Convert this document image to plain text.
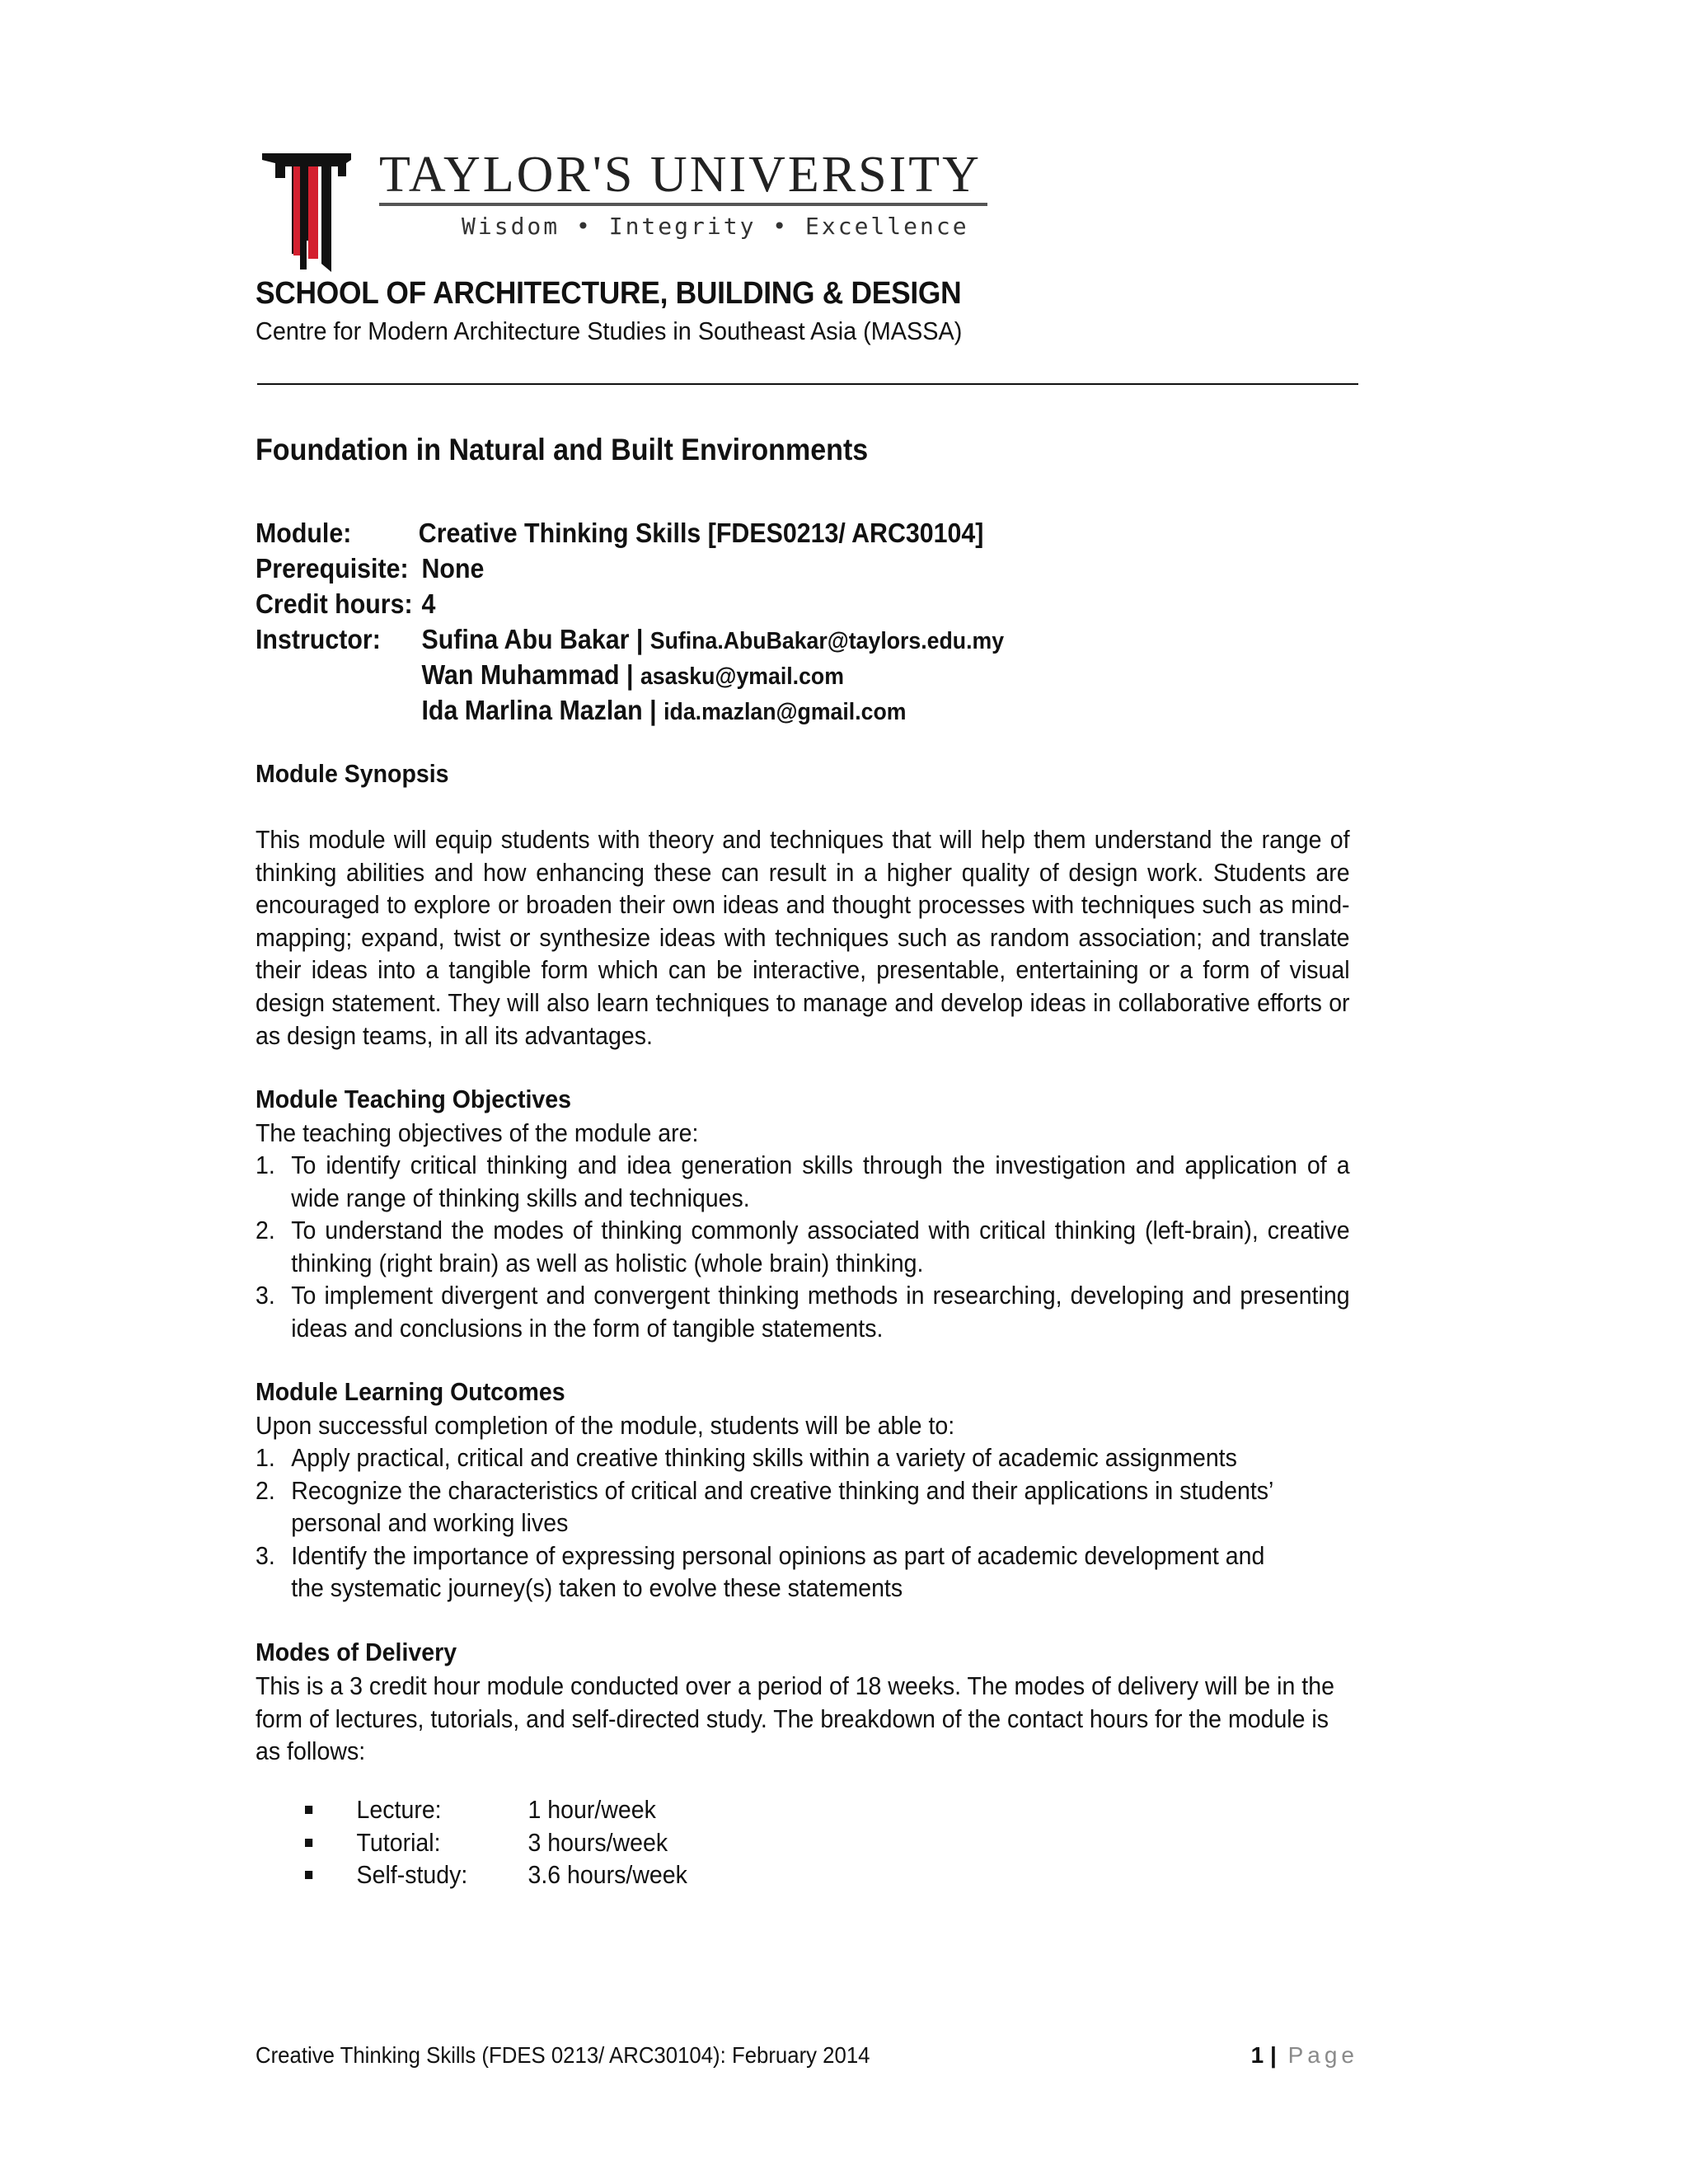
TAYLOR'S UNIVERSITY
Wisdom • Integrity • Excellence
SCHOOL OF ARCHITECTURE, BUILDING & DESIGN
Centre for Modern Architecture Studies in Southeast Asia (MASSA)
Foundation in Natural and Built Environments
Module: Creative Thinking Skills [FDES0213/ ARC30104]
Prerequisite: None
Credit hours: 4
Instructor: Sufina Abu Bakar | Sufina.AbuBakar@taylors.edu.my
Wan Muhammad | asasku@ymail.com
Ida Marlina Mazlan | ida.mazlan@gmail.com
Module Synopsis
This module will equip students with theory and techniques that will help them understand the range of thinking abilities and how enhancing these can result in a higher quality of design work. Students are encouraged to explore or broaden their own ideas and thought processes with techniques such as mind-mapping; expand, twist or synthesize ideas with techniques such as random association; and translate their ideas into a tangible form which can be interactive, presentable, entertaining or a form of visual design statement. They will also learn techniques to manage and develop ideas in collaborative efforts or as design teams, in all its advantages.
Module Teaching Objectives
The teaching objectives of the module are:
1. To identify critical thinking and idea generation skills through the investigation and application of a wide range of thinking skills and techniques.
2. To understand the modes of thinking commonly associated with critical thinking (left-brain), creative thinking (right brain) as well as holistic (whole brain) thinking.
3. To implement divergent and convergent thinking methods in researching, developing and presenting ideas and conclusions in the form of tangible statements.
Module Learning Outcomes
Upon successful completion of the module, students will be able to:
1. Apply practical, critical and creative thinking skills within a variety of academic assignments
2. Recognize the characteristics of critical and creative thinking and their applications in students’ personal and working lives
3. Identify the importance of expressing personal opinions as part of academic development and the systematic journey(s) taken to evolve these statements
Modes of Delivery
This is a 3 credit hour module conducted over a period of 18 weeks. The modes of delivery will be in the form of lectures, tutorials, and self-directed study. The breakdown of the contact hours for the module is as follows:
Lecture:	1 hour/week
Tutorial:	3 hours/week
Self-study: 3.6 hours/week
Creative Thinking Skills (FDES 0213/ ARC30104): February 2014	1 | Page
